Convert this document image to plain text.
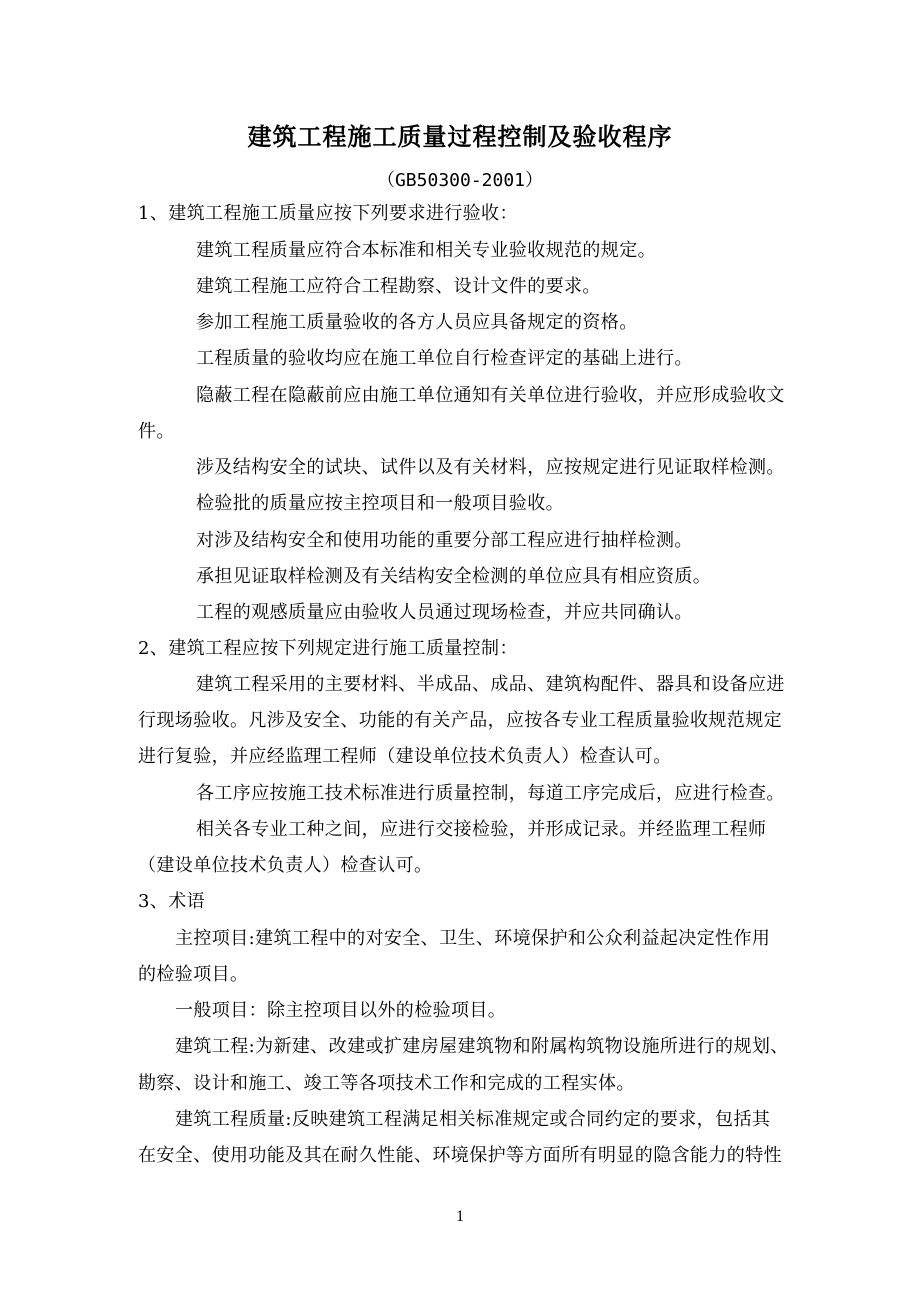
建筑工程施工质量过程控制及验收程序
（GB50300-2001）
1、建筑工程施工质量应按下列要求进行验收：
建筑工程质量应符合本标准和相关专业验收规范的规定。
建筑工程施工应符合工程勘察、设计文件的要求。
参加工程施工质量验收的各方人员应具备规定的资格。
工程质量的验收均应在施工单位自行检查评定的基础上进行。
隐蔽工程在隐蔽前应由施工单位通知有关单位进行验收，并应形成验收文
件。
涉及结构安全的试块、试件以及有关材料，应按规定进行见证取样检测。
检验批的质量应按主控项目和一般项目验收。
对涉及结构安全和使用功能的重要分部工程应进行抽样检测。
承担见证取样检测及有关结构安全检测的单位应具有相应资质。
工程的观感质量应由验收人员通过现场检查，并应共同确认。
2、建筑工程应按下列规定进行施工质量控制：
建筑工程采用的主要材料、半成品、成品、建筑构配件、器具和设备应进
行现场验收。凡涉及安全、功能的有关产品，应按各专业工程质量验收规范规定
进行复验，并应经监理工程师（建设单位技术负责人）检查认可。
各工序应按施工技术标准进行质量控制，每道工序完成后，应进行检查。
相关各专业工种之间，应进行交接检验，并形成记录。并经监理工程师
（建设单位技术负责人）检查认可。
3、术语
主控项目:建筑工程中的对安全、卫生、环境保护和公众利益起决定性作用
的检验项目。
一般项目：除主控项目以外的检验项目。
建筑工程:为新建、改建或扩建房屋建筑物和附属构筑物设施所进行的规划、
勘察、设计和施工、竣工等各项技术工作和完成的工程实体。
建筑工程质量:反映建筑工程满足相关标准规定或合同约定的要求，包括其
在安全、使用功能及其在耐久性能、环境保护等方面所有明显的隐含能力的特性
1
